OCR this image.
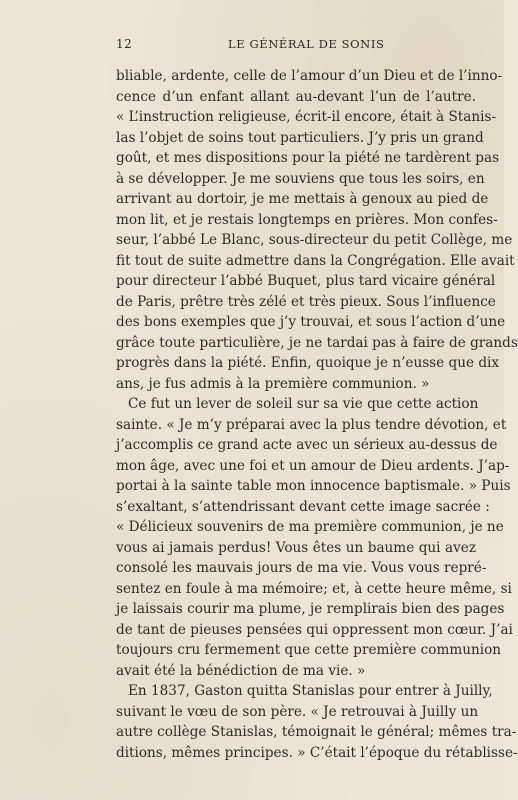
12	LE GÉNÉRAL DE SONIS
bliable, ardente, celle de l’amour d’un Dieu et de l’inno-
cence d’un enfant allant au-devant l’un de l’autre.
« L’instruction religieuse, écrit-il encore, était à Stanis-
las l’objet de soins tout particuliers. J’y pris un grand
goût, et mes dispositions pour la piété ne tardèrent pas
à se développer. Je me souviens que tous les soirs, en
arrivant au dortoir, je me mettais à genoux au pied de
mon lit, et je restais longtemps en prières. Mon confes-
seur, l’abbé Le Blanc, sous-directeur du petit Collège, me
fit tout de suite admettre dans la Congrégation. Elle avait
pour directeur l’abbé Buquet, plus tard vicaire général
de Paris, prêtre très zélé et très pieux. Sous l’influence
des bons exemples que j’y trouvai, et sous l’action d’une
grâce toute particulière, je ne tardai pas à faire de grands
progrès dans la piété. Enfin, quoique je n’eusse que dix
ans, je fus admis à la première communion. »
Ce fut un lever de soleil sur sa vie que cette action
sainte. « Je m’y préparai avec la plus tendre dévotion, et
j’accomplis ce grand acte avec un sérieux au-dessus de
mon âge, avec une foi et un amour de Dieu ardents. J’ap-
portai à la sainte table mon innocence baptismale. » Puis
s’exaltant, s’attendrissant devant cette image sacrée :
« Délicieux souvenirs de ma première communion, je ne
vous ai jamais perdus! Vous êtes un baume qui avez
consolé les mauvais jours de ma vie. Vous vous repré-
sentez en foule à ma mémoire; et, à cette heure même, si
je laissais courir ma plume, je remplirais bien des pages
de tant de pieuses pensées qui oppressent mon cœur. J’ai
toujours cru fermement que cette première communion
avait été la bénédiction de ma vie. »
En 1837, Gaston quitta Stanislas pour entrer à Juilly,
suivant le vœu de son père. « Je retrouvai à Juilly un
autre collège Stanislas, témoignait le général; mêmes tra-
ditions, mêmes principes. » C’était l’époque du rétablisse-
